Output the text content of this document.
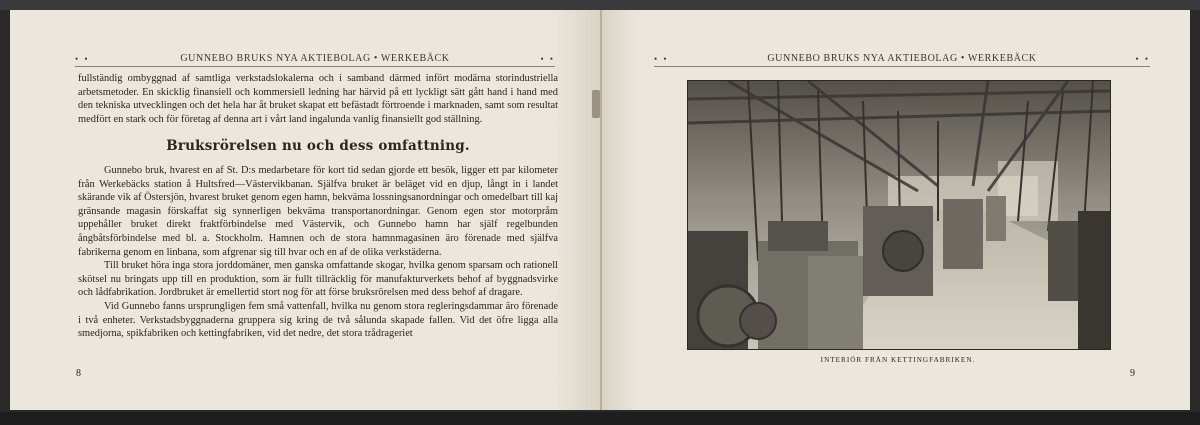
• •	GUNNEBO BRUKS NYA AKTIEBOLAG • WERKEBÄCK	• •

fullständig ombyggnad af samtliga verkstadslokalerna och i samband därmed infört modärna storindustriella arbetsmetoder. En skicklig finansiell och kommersiell ledning har härvid på ett lyckligt sätt gått hand i hand med den tekniska utvecklingen och det hela har åt bruket skapat ett befästadt förtroende i marknaden, samt som resultat medfört en stark och för företag af denna art i vårt land ingalunda vanlig finansiellt god ställning.

Bruksrörelsen nu och dess omfattning.

Gunnebo bruk, hvarest en af St. D:s medarbetare för kort tid sedan gjorde ett besök, ligger ett par kilometer från Werkebäcks station å Hultsfred—Västervikbanan. Själfva bruket är beläget vid en djup, långt in i landet skärande vik af Östersjön, hvarest bruket genom egen hamn, bekväma lossningsanordningar och omedelbart till kaj gränsande magasin förskaffat sig synnerligen bekväma transportanordningar. Genom egen stor motorpråm uppehåller bruket direkt fraktförbindelse med Västervik, och Gunnebo hamn har själf regelbunden ångbåtsförbindelse med bl. a. Stockholm. Hamnen och de stora hamnmagasinen äro förenade med själfva fabrikerna genom en linbana, som afgrenar sig till hvar och en af de olika verkstäderna.

Till bruket höra inga stora jorddomäner, men ganska omfattande skogar, hvilka genom sparsam och rationell skötsel nu bringats upp till en produktion, som är fullt tillräcklig för manufakturverkets behof af byggnadsvirke och lådfabrikation. Jordbruket är emellertid stort nog för att förse bruksrörelsen med dess behof af dragare.

Vid Gunnebo fanns ursprungligen fem små vattenfall, hvilka nu genom stora regleringsdammar äro förenade i två enheter. Verkstadsbyggnaderna gruppera sig kring de två sålunda skapade fallen. Vid det öfre ligga alla smedjorna, spikfabriken och kettingfabriken, vid det nedre, det stora trådrageriet

8
• •	GUNNEBO BRUKS NYA AKTIEBOLAG • WERKEBÄCK	• •
INTERIÖR FRÅN KETTINGFABRIKEN.
9
